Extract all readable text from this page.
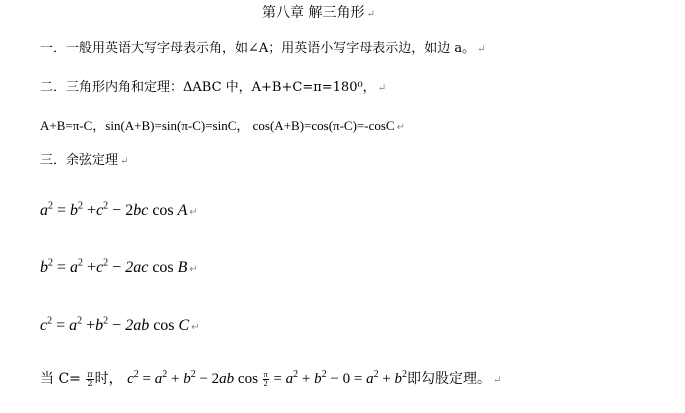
第八章 解三角形 ↵
一．一般用英语大写字母表示角，如∠A；用英语小写字母表示边，如边 a。 ↵
二．三角形内角和定理：ΔABC 中，A+B+C=π=180⁰， ↵
A+B=π-C，sin(A+B)=sin(π-C)=sinC， cos(A+B)=cos(π-C)=-cosC ↵
三．余弦定理 ↵
$a^2 = b^2 +c^2 - 2bc$ cos A ↵
$b^2 = a^2 +c^2 - 2ac$ cos B ↵
$c^2 = a^2 +b^2 - 2ab$ cos C ↵
当 $C= \frac{\pi}{2}$ 时， $c^2 = a^2 + b^2 - 2ab$ $\cos \frac{\pi}{2} = a^2 + b^2 - 0 = a^2 + b^2$即勾股定理。 ↵
